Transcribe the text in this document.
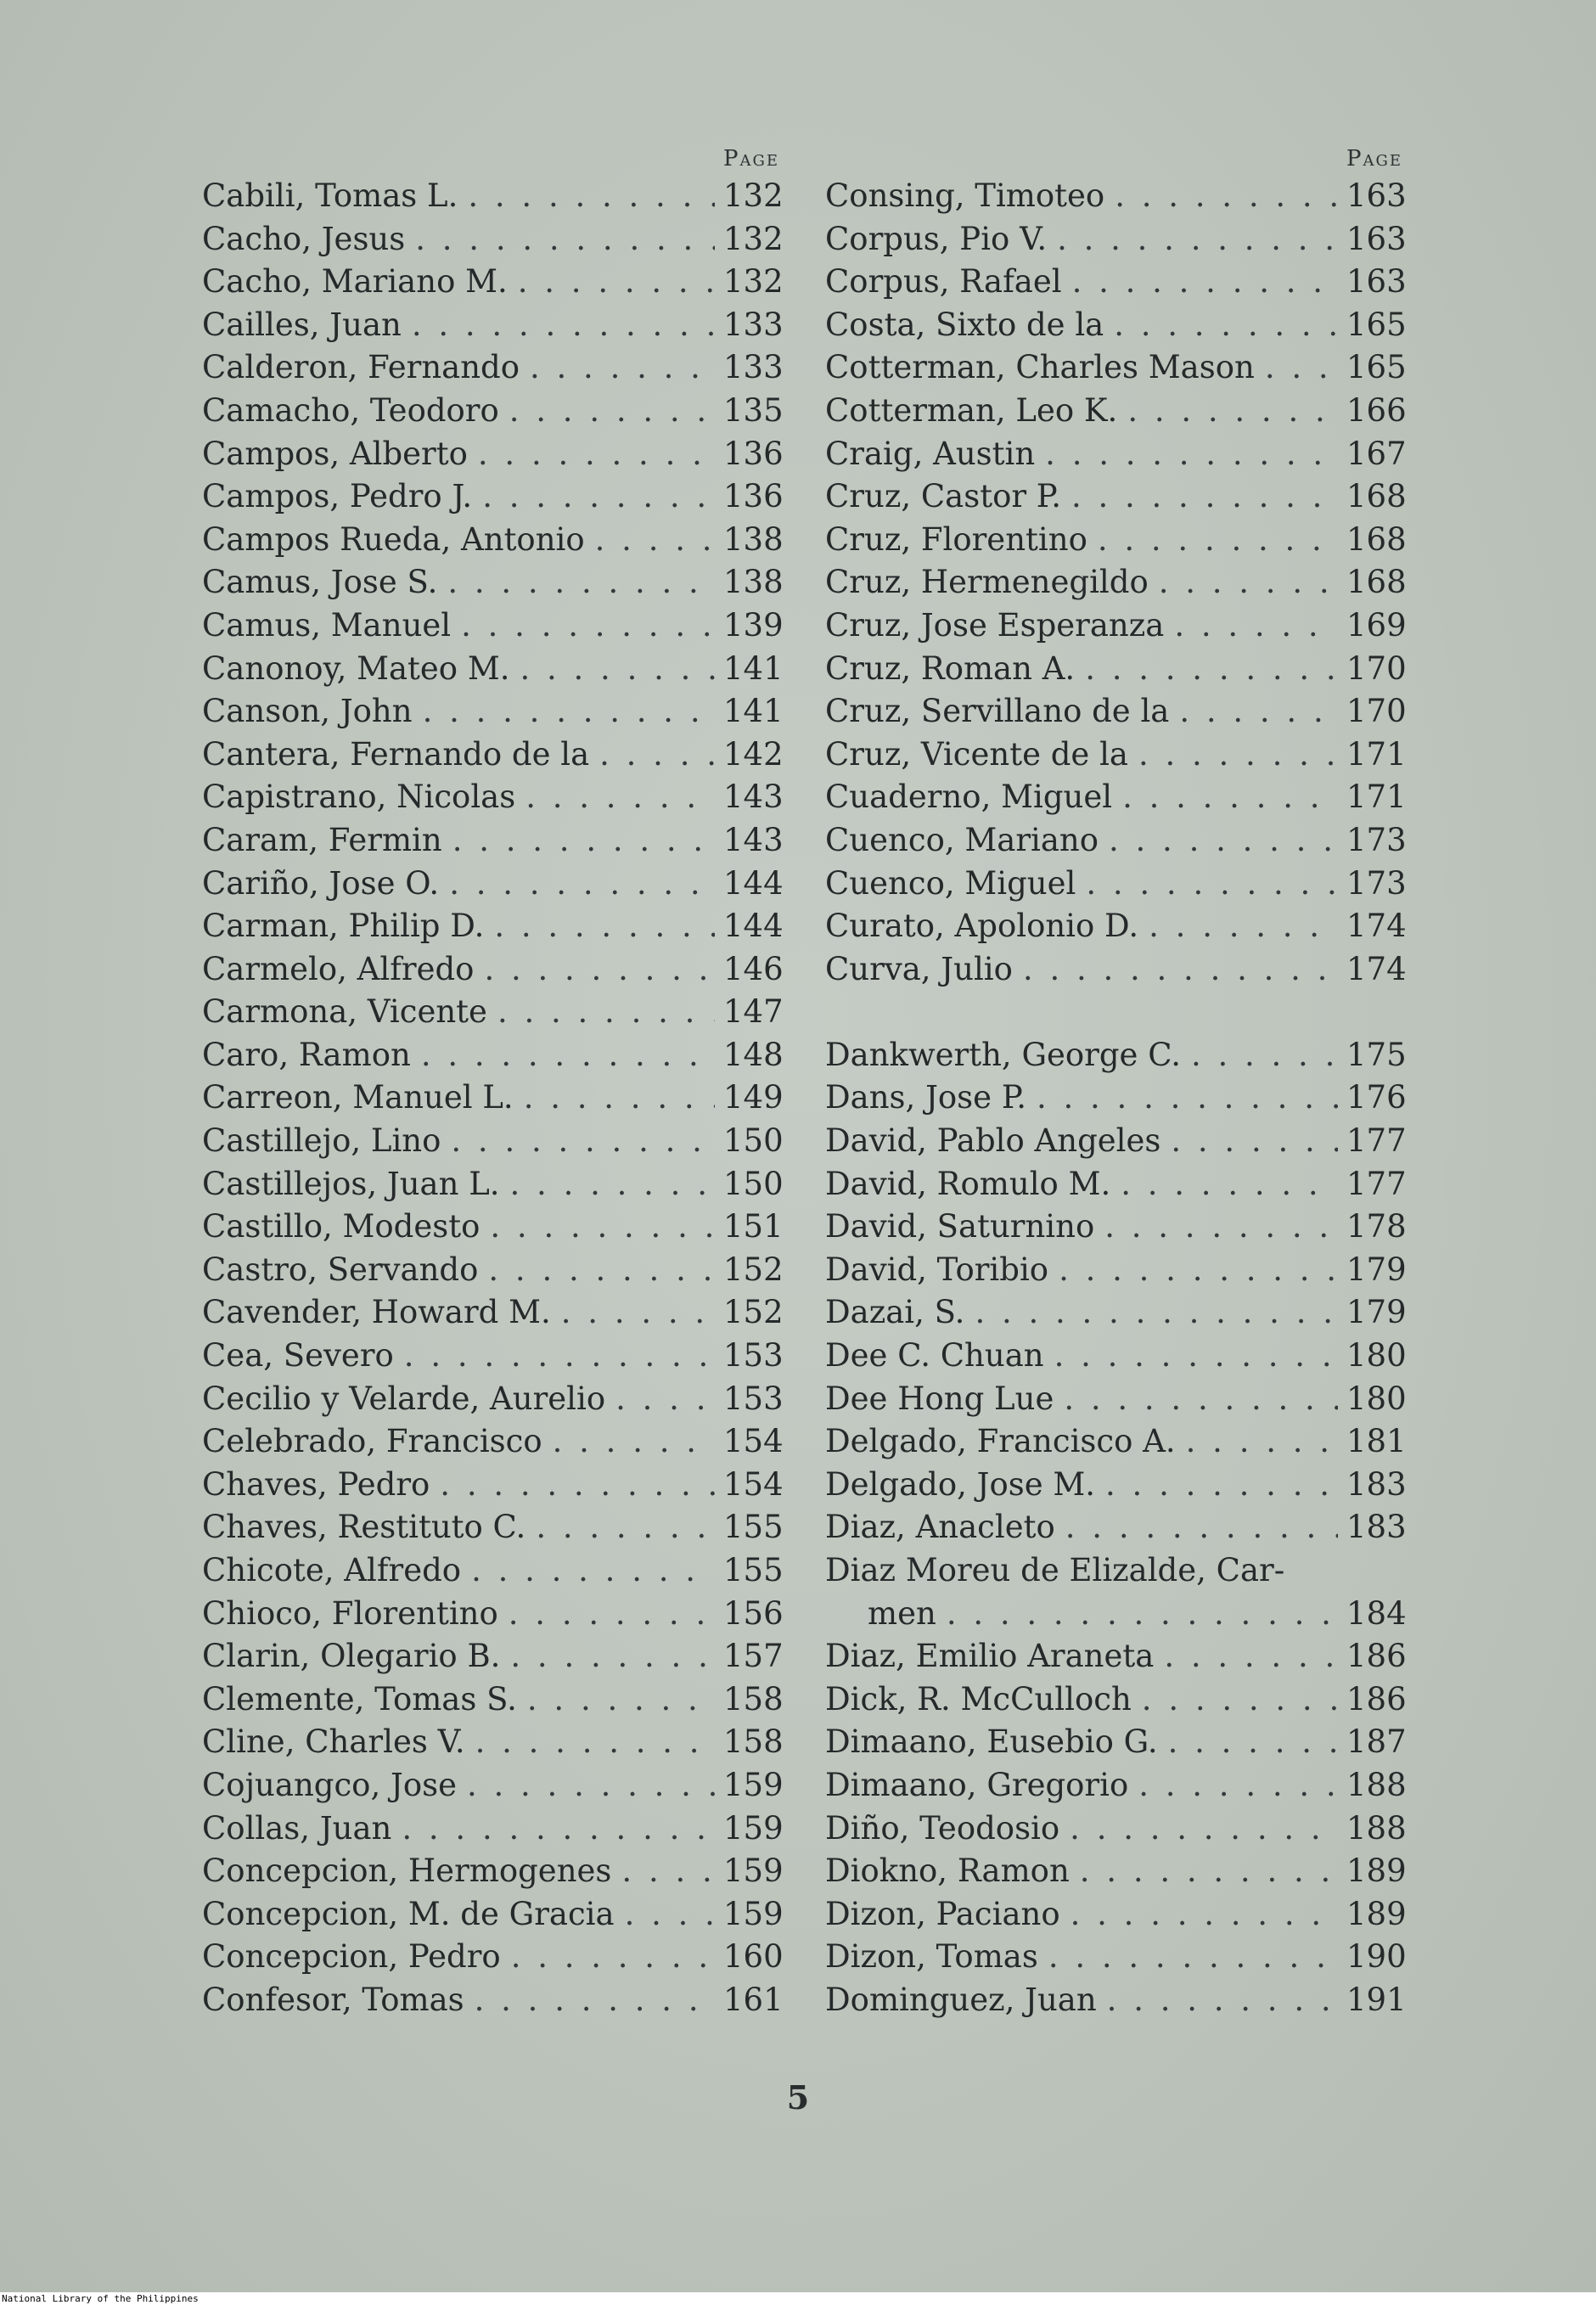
Page
Cabili, Tomas L. . . .	132
Cacho, Jesus . . .	132
Cacho, Mariano M. . . .	132
Cailles, Juan . . .	133
Calderon, Fernando . . .	133
Camacho, Teodoro . . .	135
Campos, Alberto . . .	136
Campos, Pedro J. . . .	136
Campos Rueda, Antonio . . .	138
Camus, Jose S. . . .	138
Camus, Manuel . . .	139
Canonoy, Mateo M. . . .	141
Canson, John . . .	141
Cantera, Fernando de la . . .	142
Capistrano, Nicolas . . .	143
Caram, Fermin . . .	143
Cariño, Jose O. . . .	144
Carman, Philip D. . . .	144
Carmelo, Alfredo . . .	146
Carmona, Vicente . . .	147
Caro, Ramon . . .	148
Carreon, Manuel L. . . .	149
Castillejo, Lino . . .	150
Castillejos, Juan L. . . .	150
Castillo, Modesto . . .	151
Castro, Servando . . .	152
Cavender, Howard M. . . .	152
Cea, Severo . . .	153
Cecilio y Velarde, Aurelio . . .	153
Celebrado, Francisco . . .	154
Chaves, Pedro . . .	154
Chaves, Restituto C. . . .	155
Chicote, Alfredo . . .	155
Chioco, Florentino . . .	156
Clarin, Olegario B. . . .	157
Clemente, Tomas S. . . .	158
Cline, Charles V. . . .	158
Cojuangco, Jose . . .	159
Collas, Juan . . .	159
Concepcion, Hermogenes . . .	159
Concepcion, M. de Gracia . . .	159
Concepcion, Pedro . . .	160
Confesor, Tomas . . .	161
Page
Consing, Timoteo . . .	163
Corpus, Pio V. . . .	163
Corpus, Rafael . . .	163
Costa, Sixto de la . . .	165
Cotterman, Charles Mason . . .	165
Cotterman, Leo K. . . .	166
Craig, Austin . . .	167
Cruz, Castor P. . . .	168
Cruz, Florentino . . .	168
Cruz, Hermenegildo . . .	168
Cruz, Jose Esperanza . . .	169
Cruz, Roman A. . . .	170
Cruz, Servillano de la . . .	170
Cruz, Vicente de la . . .	171
Cuaderno, Miguel . . .	171
Cuenco, Mariano . . .	173
Cuenco, Miguel . . .	173
Curato, Apolonio D. . . .	174
Curva, Julio . . .	174
Dankwerth, George C. . . .	175
Dans, Jose P. . . .	176
David, Pablo Angeles . . .	177
David, Romulo M. . . .	177
David, Saturnino . . .	178
David, Toribio . . .	179
Dazai, S. . . .	179
Dee C. Chuan . . .	180
Dee Hong Lue . . .	180
Delgado, Francisco A. . . .	181
Delgado, Jose M. . . .	183
Diaz, Anacleto . . .	183
Diaz Moreu de Elizalde, Car-
men . . .	184
Diaz, Emilio Araneta . . .	186
Dick, R. McCulloch . . .	186
Dimaano, Eusebio G. . . .	187
Dimaano, Gregorio . . .	188
Diño, Teodosio . . .	188
Diokno, Ramon . . .	189
Dizon, Paciano . . .	189
Dizon, Tomas . . .	190
Dominguez, Juan . . .	191
5
National Library of the Philippines
